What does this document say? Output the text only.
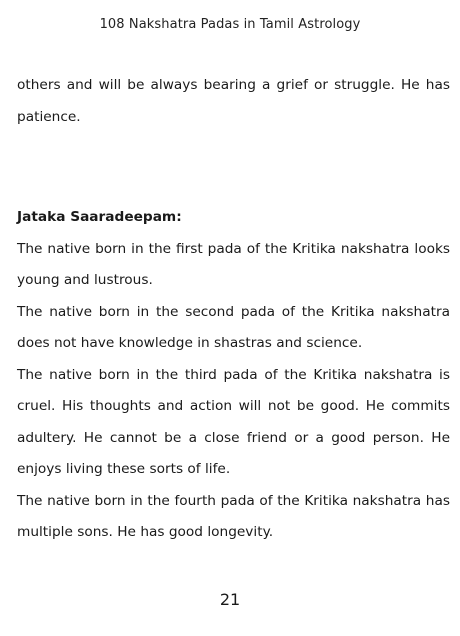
108 Nakshatra Padas in Tamil Astrology

others and will be always bearing a grief or struggle. He has patience.

Jataka Saaradeepam:

The native born in the first pada of the Kritika nakshatra looks young and lustrous.

The native born in the second pada of the Kritika nakshatra does not have knowledge in shastras and science.

The native born in the third pada of the Kritika nakshatra is cruel. His thoughts and action will not be good. He commits adultery. He cannot be a close friend or a good person. He enjoys living these sorts of life.

The native born in the fourth pada of the Kritika nakshatra has multiple sons. He has good longevity.

21
